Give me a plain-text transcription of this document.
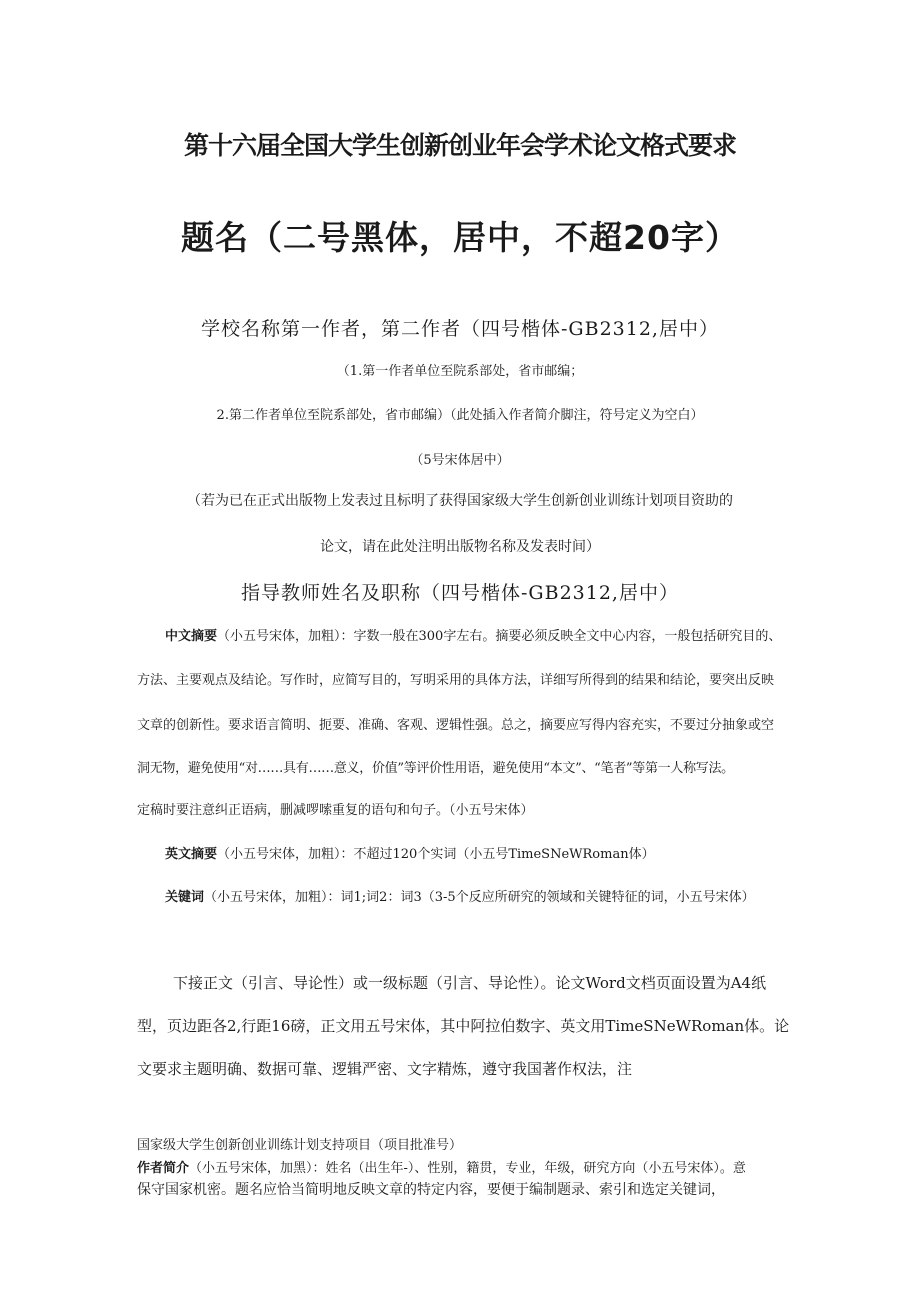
第十六届全国大学生创新创业年会学术论文格式要求
题名（二号黑体，居中，不超20字）
学校名称第一作者，第二作者（四号楷体-GB2312,居中）
（1.第一作者单位至院系部处，省市邮编；
2.第二作者单位至院系部处，省市邮编）（此处插入作者简介脚注，符号定义为空白）
（5号宋体居中）
（若为已在正式出版物上发表过且标明了获得国家级大学生创新创业训练计划项目资助的
论文，请在此处注明出版物名称及发表时间）
指导教师姓名及职称（四号楷体-GB2312,居中）
中文摘要（小五号宋体，加粗）：字数一般在300字左右。摘要必须反映全文中心内容，一般包括研究目的、
方法、主要观点及结论。写作时，应简写目的，写明采用的具体方法，详细写所得到的结果和结论，要突出反映
文章的创新性。要求语言简明、扼要、准确、客观、逻辑性强。总之，摘要应写得内容充实，不要过分抽象或空
洞无物，避免使用“对……具有……意义，价值”等评价性用语，避免使用“本文”、“笔者”等第一人称写法。
定稿时要注意纠正语病，删减啰嗦重复的语句和句子。（小五号宋体）
英文摘要（小五号宋体，加粗）：不超过120个实词（小五号TimeSNeWRoman体）
关键词（小五号宋体，加粗）：词1;词2：词3（3-5个反应所研究的领域和关键特征的词，小五号宋体）
下接正文（引言、导论性）或一级标题（引言、导论性）。论文Word文档页面设置为A4纸
型，页边距各2,行距16磅，正文用五号宋体，其中阿拉伯数字、英文用TimeSNeWRoman体。论
文要求主题明确、数据可靠、逻辑严密、文字精炼，遵守我国著作权法，注
国家级大学生创新创业训练计划支持项目（项目批准号）
作者简介（小五号宋体，加黑）：姓名（出生年-）、性别，籍贯，专业，年级，研究方向（小五号宋体）。意
保守国家机密。题名应恰当简明地反映文章的特定内容，要便于编制题录、索引和选定关键词，
